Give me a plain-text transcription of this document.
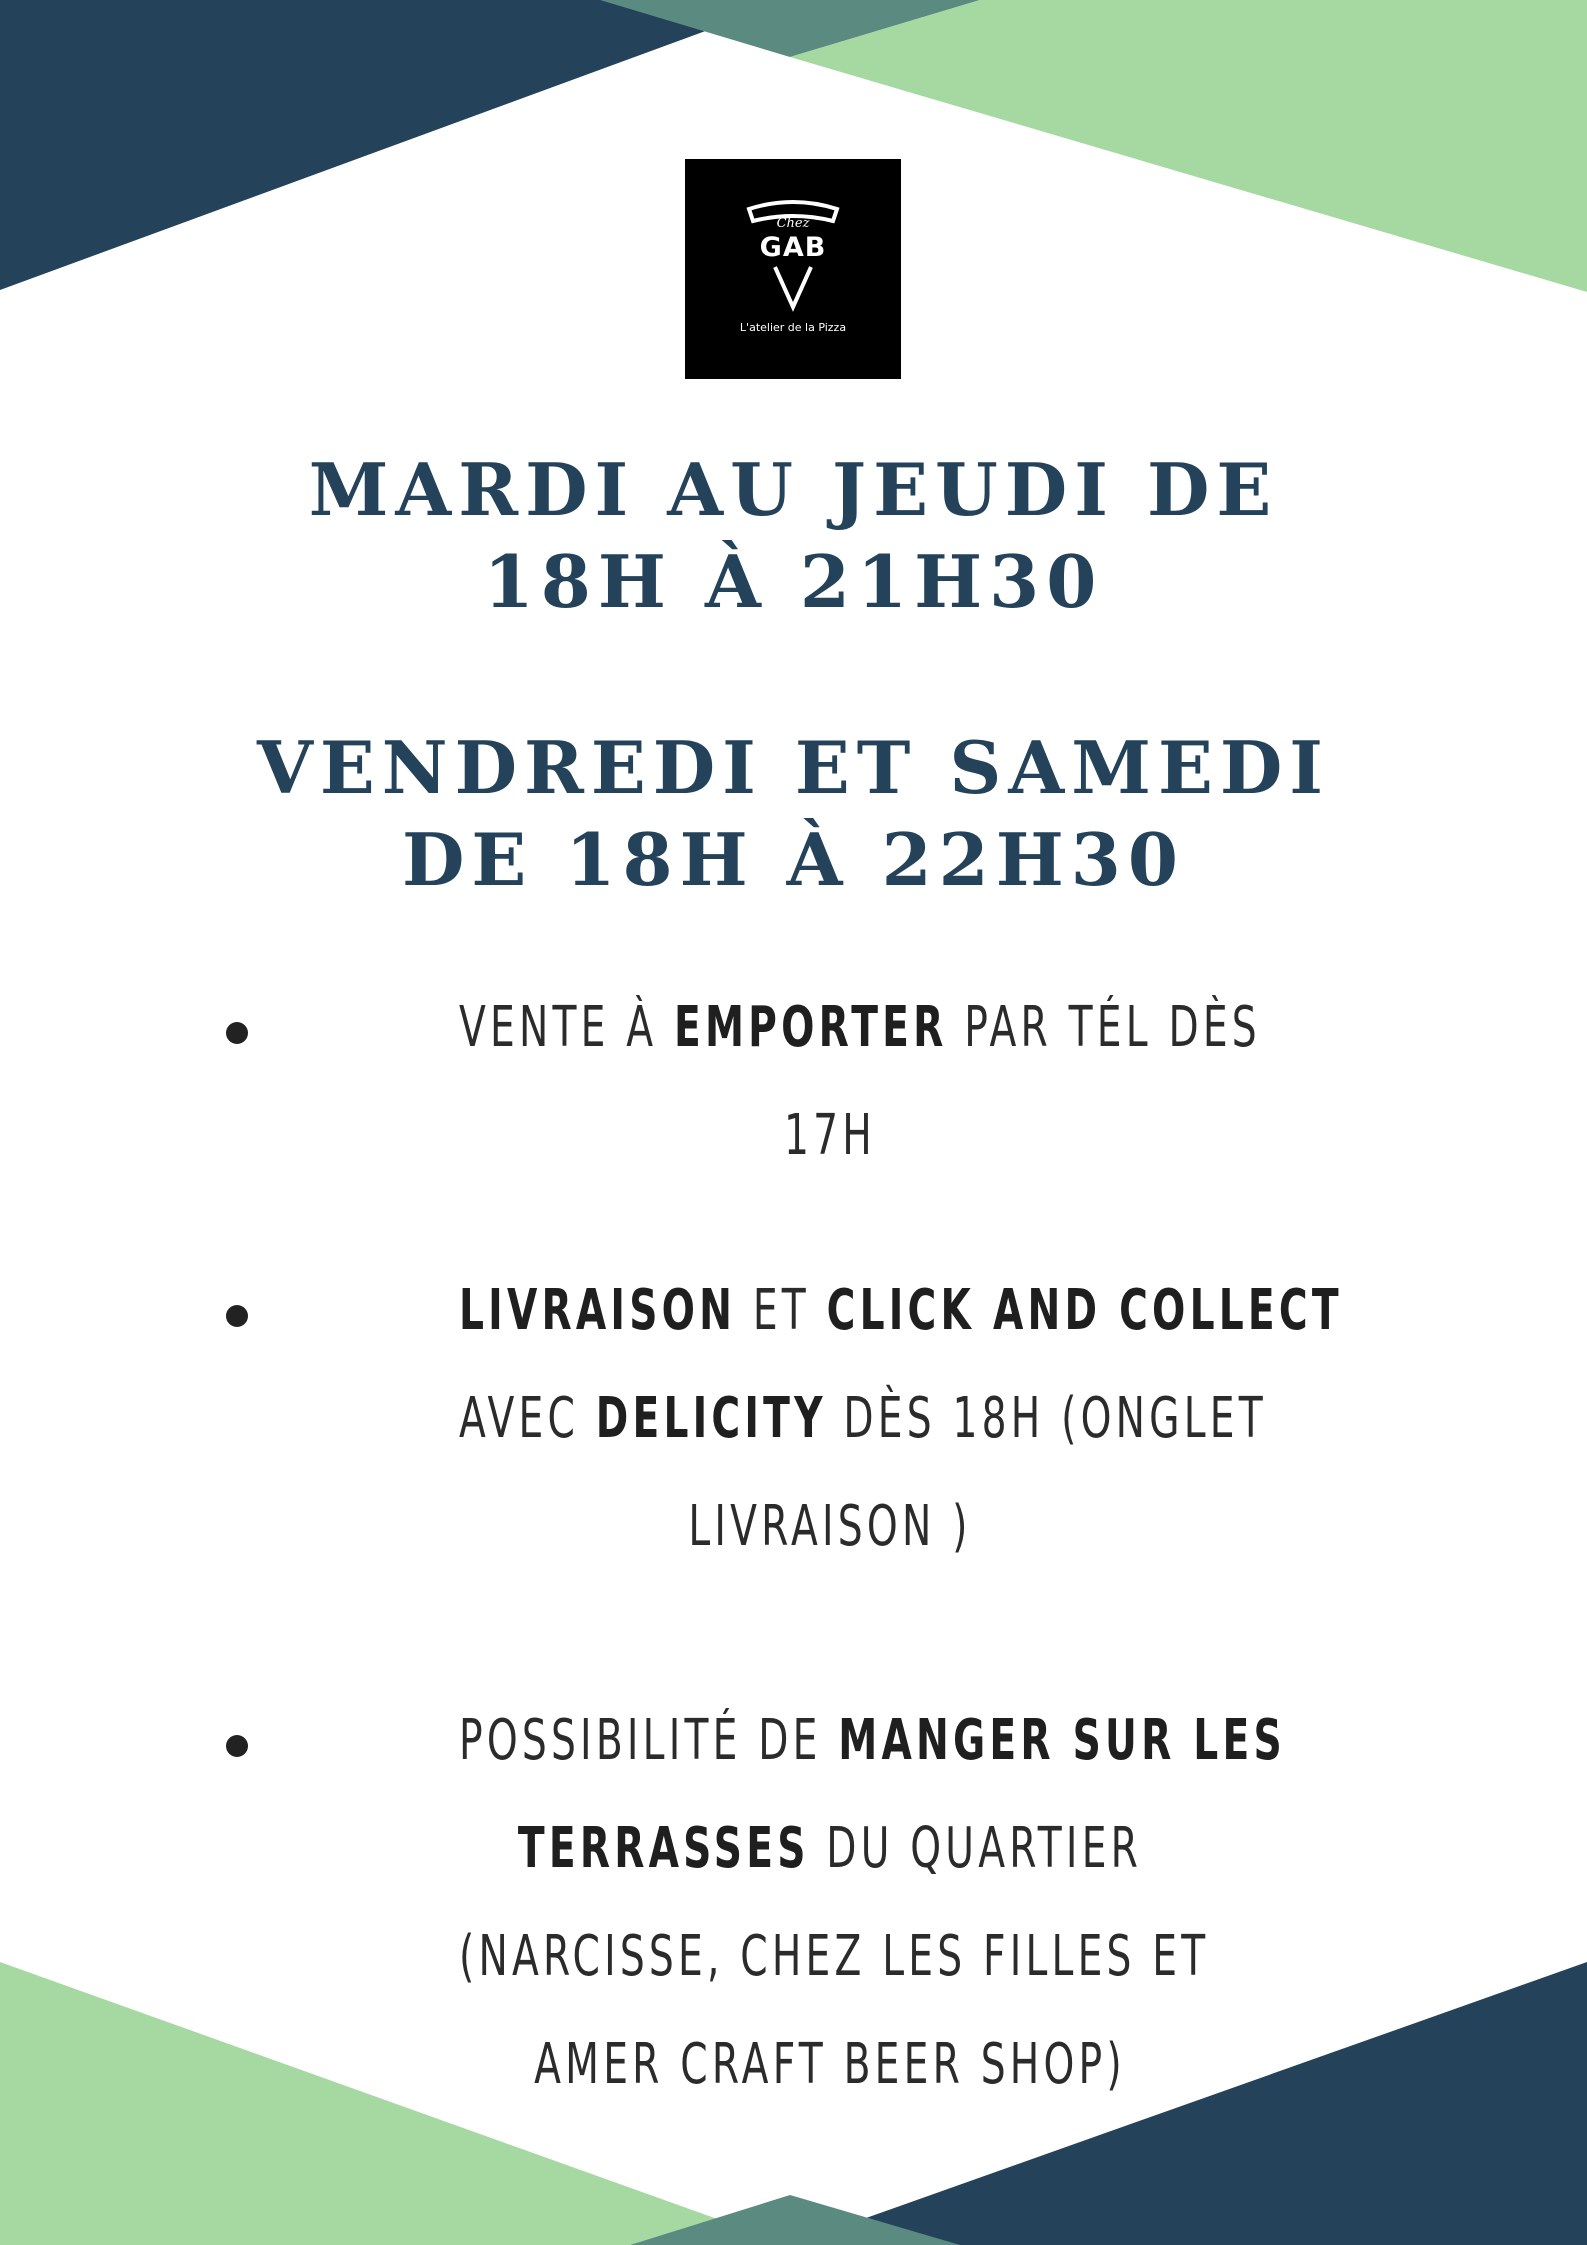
Chez
GAB
L'atelier de la Pizza
MARDI AU JEUDI DE
18H À 21H30
VENDREDI ET SAMEDI
DE 18H À 22H30
VENTE À EMPORTER PAR TÉL DÈS
17H
LIVRAISON ET CLICK AND COLLECT
AVEC DELICITY DÈS 18H (ONGLET
LIVRAISON )
POSSIBILITÉ DE MANGER SUR LES
TERRASSES DU QUARTIER
(NARCISSE, CHEZ LES FILLES ET
AMER CRAFT BEER SHOP)
